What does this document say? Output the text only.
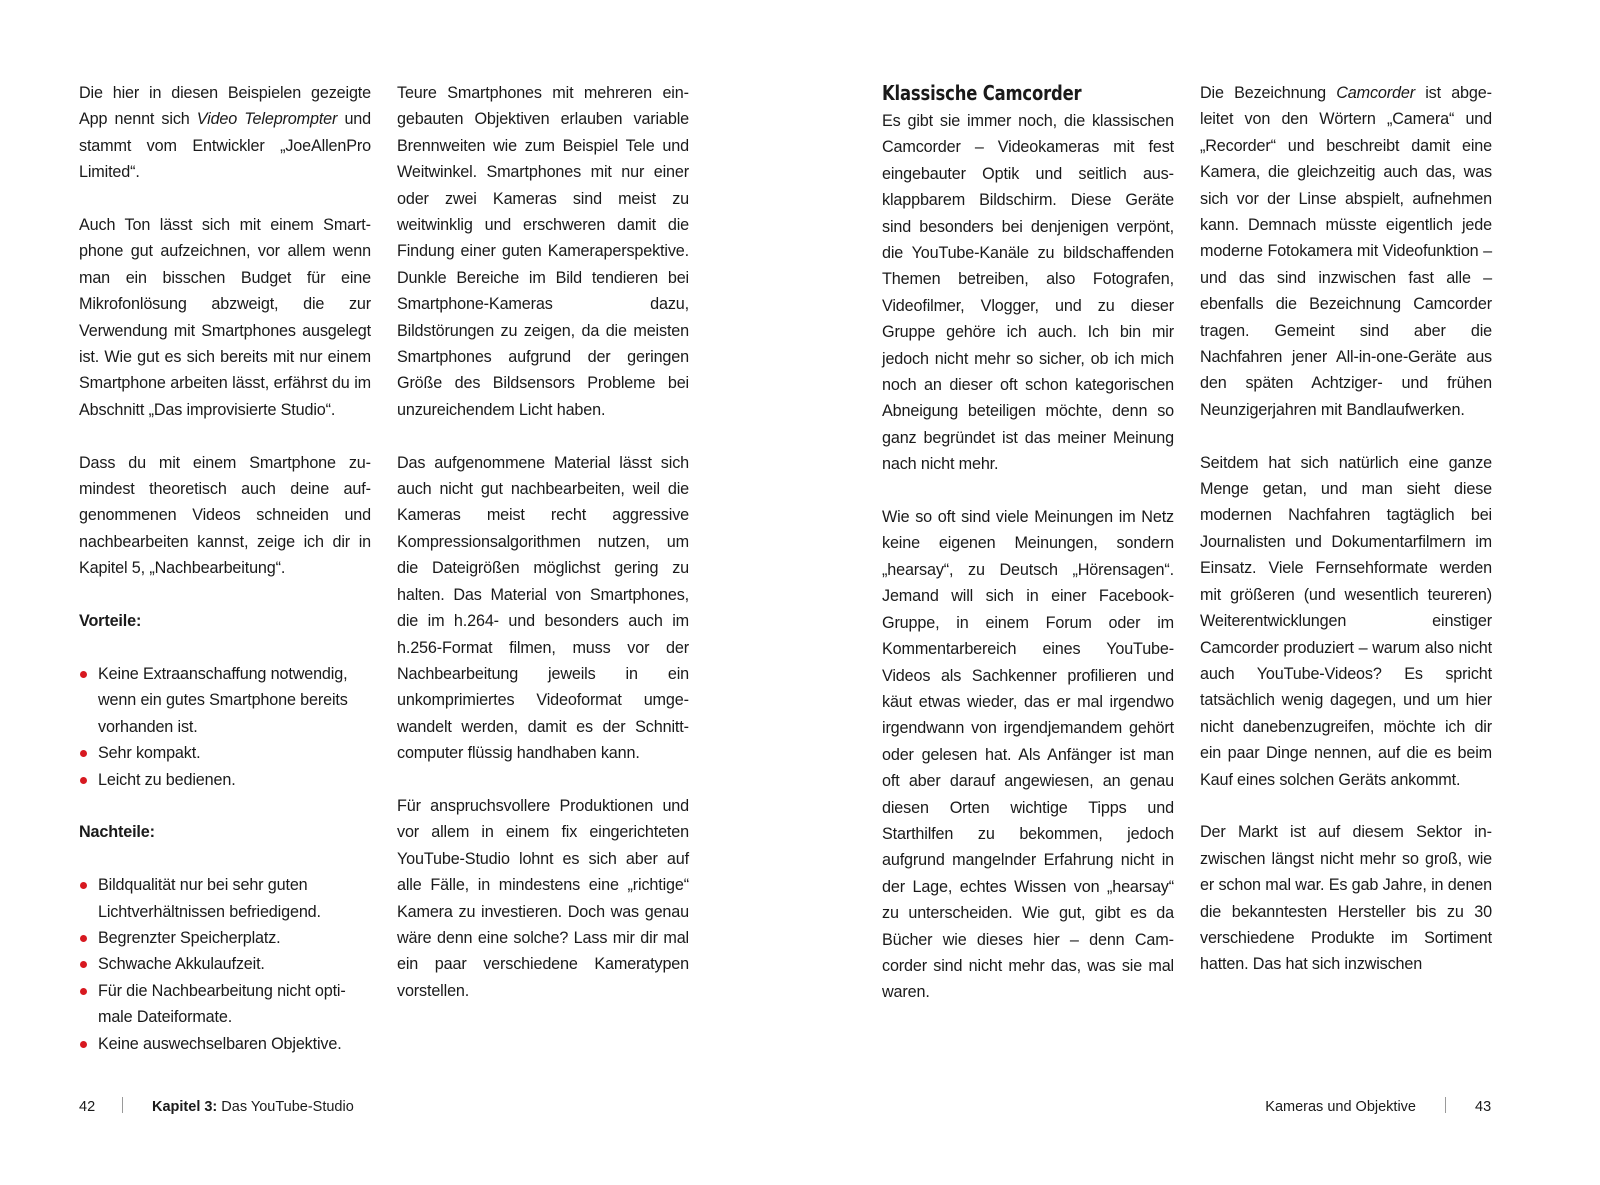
Die hier in diesen Beispielen gezeigte App nennt sich Video Teleprompter und stammt vom Entwickler „JoeAllenPro Limited“.

Auch Ton lässt sich mit einem Smartphone gut aufzeichnen, vor allem wenn man ein bisschen Budget für eine Mikrofonlösung abzweigt, die zur Verwendung mit Smartphones ausgelegt ist. Wie gut es sich bereits mit nur einem Smartphone arbeiten lässt, erfährst du im Abschnitt „Das improvisierte Studio“.

Dass du mit einem Smartphone zumindest theoretisch auch deine aufgenommenen Videos schneiden und nachbearbeiten kannst, zeige ich dir in Kapitel 5, „Nachbearbeitung“.

Vorteile:

Keine Extraanschaffung notwendig, wenn ein gutes Smartphone bereits vorhanden ist.
Sehr kompakt.
Leicht zu bedienen.

Nachteile:

Bildqualität nur bei sehr guten Lichtverhältnissen befriedigend.
Begrenzter Speicherplatz.
Schwache Akkulaufzeit.
Für die Nachbearbeitung nicht optimale Dateiformate.
Keine auswechselbaren Objektive.

Teure Smartphones mit mehreren eingebauten Objektiven erlauben variable Brennweiten wie zum Beispiel Tele und Weitwinkel. Smartphones mit nur einer oder zwei Kameras sind meist zu weitwinklig und erschweren damit die Findung einer guten Kameraperspektive. Dunkle Bereiche im Bild tendieren bei Smartphone-Kameras dazu, Bildstörungen zu zeigen, da die meisten Smartphones aufgrund der geringen Größe des Bildsensors Probleme bei unzureichendem Licht haben.

Das aufgenommene Material lässt sich auch nicht gut nachbearbeiten, weil die Kameras meist recht aggressive Kompressionsalgorithmen nutzen, um die Dateigrößen möglichst gering zu halten. Das Material von Smartphones, die im h.264- und besonders auch im h.256-Format filmen, muss vor der Nachbearbeitung jeweils in ein unkomprimiertes Videoformat umgewandelt werden, damit es der Schnittcomputer flüssig handhaben kann.

Für anspruchsvollere Produktionen und vor allem in einem fix eingerichteten YouTube-Studio lohnt es sich aber auf alle Fälle, in mindestens eine „richtige“ Kamera zu investieren. Doch was genau wäre denn eine solche? Lass mir dir mal ein paar verschiedene Kameratypen vorstellen.

Klassische Camcorder

Es gibt sie immer noch, die klassischen Camcorder – Videokameras mit fest eingebauter Optik und seitlich ausklappbarem Bildschirm. Diese Geräte sind besonders bei denjenigen verpönt, die YouTube-Kanäle zu bildschaffenden Themen betreiben, also Fotografen, Videofilmer, Vlogger, und zu dieser Gruppe gehöre ich auch. Ich bin mir jedoch nicht mehr so sicher, ob ich mich noch an dieser oft schon kategorischen Abneigung beteiligen möchte, denn so ganz begründet ist das meiner Meinung nach nicht mehr.

Wie so oft sind viele Meinungen im Netz keine eigenen Meinungen, sondern „hearsay“, zu Deutsch „Hörensagen“. Jemand will sich in einer Facebook-Gruppe, in einem Forum oder im Kommentarbereich eines YouTube-Videos als Sachkenner profilieren und käut etwas wieder, das er mal irgendwo irgendwann von irgendjemandem gehört oder gelesen hat. Als Anfänger ist man oft aber darauf angewiesen, an genau diesen Orten wichtige Tipps und Starthilfen zu bekommen, jedoch aufgrund mangelnder Erfahrung nicht in der Lage, echtes Wissen von „hearsay“ zu unterscheiden. Wie gut, gibt es da Bücher wie dieses hier – denn Camcorder sind nicht mehr das, was sie mal waren.

Die Bezeichnung Camcorder ist abgeleitet von den Wörtern „Camera“ und „Recorder“ und beschreibt damit eine Kamera, die gleichzeitig auch das, was sich vor der Linse abspielt, aufnehmen kann. Demnach müsste eigentlich jede moderne Fotokamera mit Videofunktion – und das sind inzwischen fast alle – ebenfalls die Bezeichnung Camcorder tragen. Gemeint sind aber die Nachfahren jener All-in-one-Geräte aus den späten Achtziger- und frühen Neunzigerjahren mit Bandlaufwerken.

Seitdem hat sich natürlich eine ganze Menge getan, und man sieht diese modernen Nachfahren tagtäglich bei Journalisten und Dokumentarfilmern im Einsatz. Viele Fernsehformate werden mit größeren (und wesentlich teureren) Weiterentwicklungen einstiger Camcorder produziert – warum also nicht auch YouTube-Videos? Es spricht tatsächlich wenig dagegen, und um hier nicht danebenzugreifen, möchte ich dir ein paar Dinge nennen, auf die es beim Kauf eines solchen Geräts ankommt.

Der Markt ist auf diesem Sektor inzwischen längst nicht mehr so groß, wie er schon mal war. Es gab Jahre, in denen die bekanntesten Hersteller bis zu 30 verschiedene Produkte im Sortiment hatten. Das hat sich inzwischen

42	Kapitel 3: Das YouTube-Studio	Kameras und Objektive	43
